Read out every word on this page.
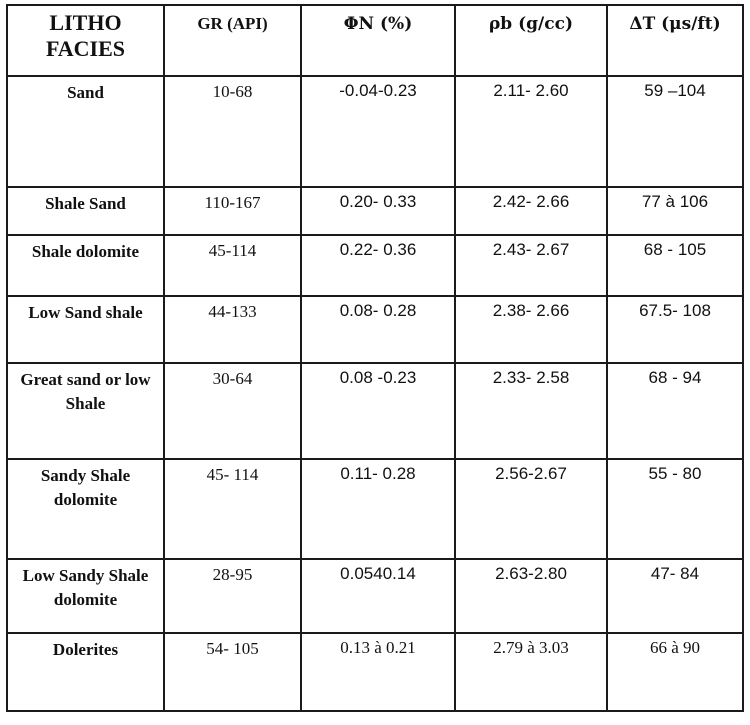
LITHO FACIES	GR (API)	ΦN (%)	ρb (g/cc)	ΔT (μs/ft)

Sand	10-68	-0.04-0.23	2.11- 2.60	59 –104

Shale Sand	110-167	0.20- 0.33	2.42- 2.66	77 à 106

Shale dolomite	45-114	0.22- 0.36	2.43- 2.67	68 - 105

Low Sand shale	44-133	0.08- 0.28	2.38- 2.66	67.5- 108

Great sand or low Shale	30-64	0.08 -0.23	2.33- 2.58	68 - 94

Sandy Shale dolomite	45- 114	0.11- 0.28	2.56-2.67	55 - 80

Low Sandy Shale dolomite	28-95	0.0540.14	2.63-2.80	47- 84

Dolerites	54- 105	0.13 à 0.21	2.79 à 3.03	66 à 90
